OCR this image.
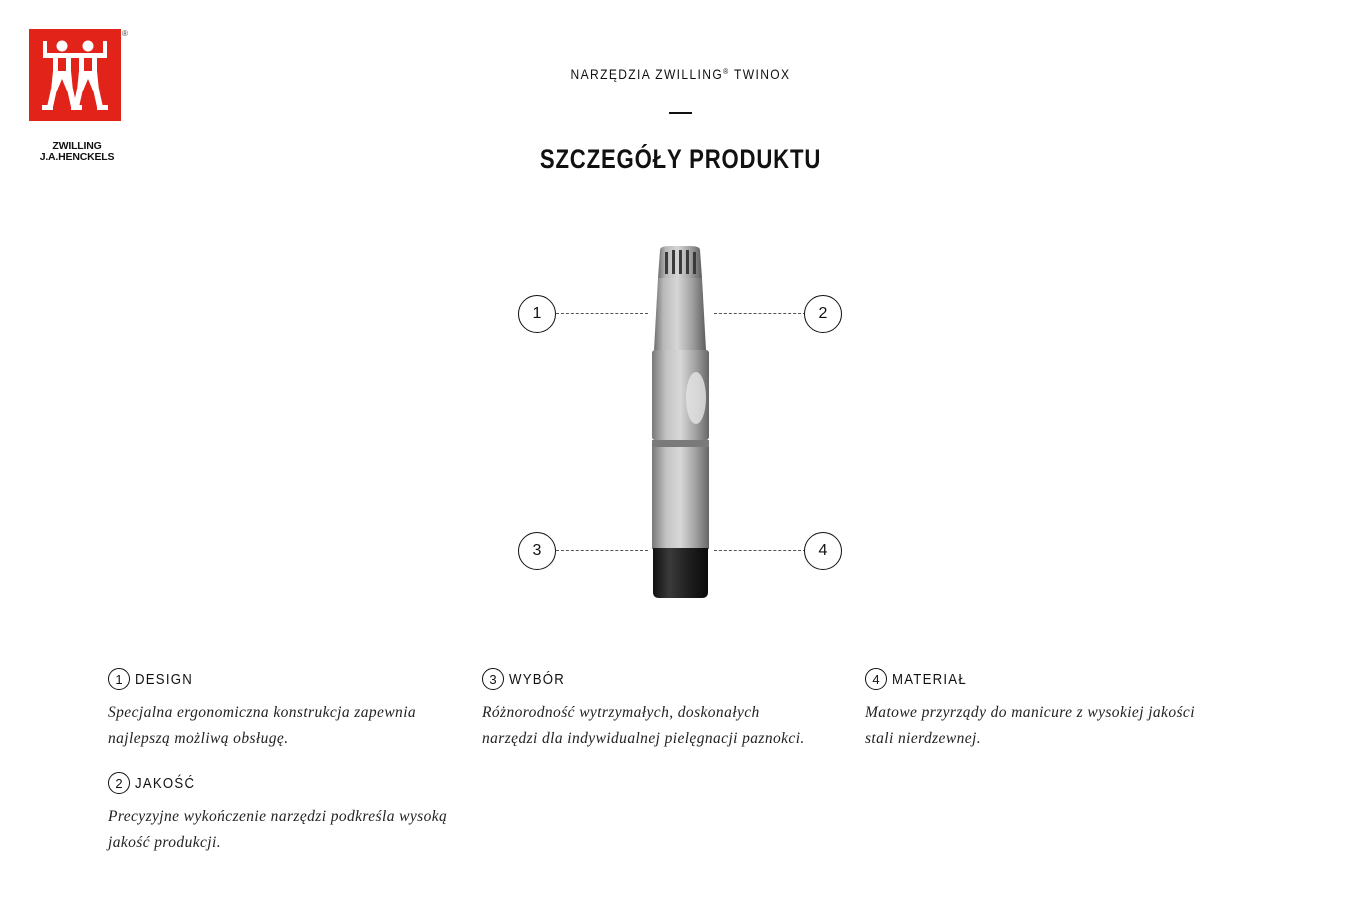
®
ZWILLING
J.A.HENCKELS
NARZĘDZIA ZWILLING® TWINOX
SZCZEGÓŁY PRODUKTU
1	2
3	4
1 DESIGN

Specjalna ergonomiczna konstrukcja zapewnia najlepszą możliwą obsługę.

2 JAKOŚĆ

Precyzyjne wykończenie narzędzi podkreśla wysoką jakość produkcji.

3 WYBÓR

Różnorodność wytrzymałych, doskonałych narzędzi dla indywidualnej pielęgnacji paznokci.

4 MATERIAŁ

Matowe przyrządy do manicure z wysokiej jakości stali nierdzewnej.
